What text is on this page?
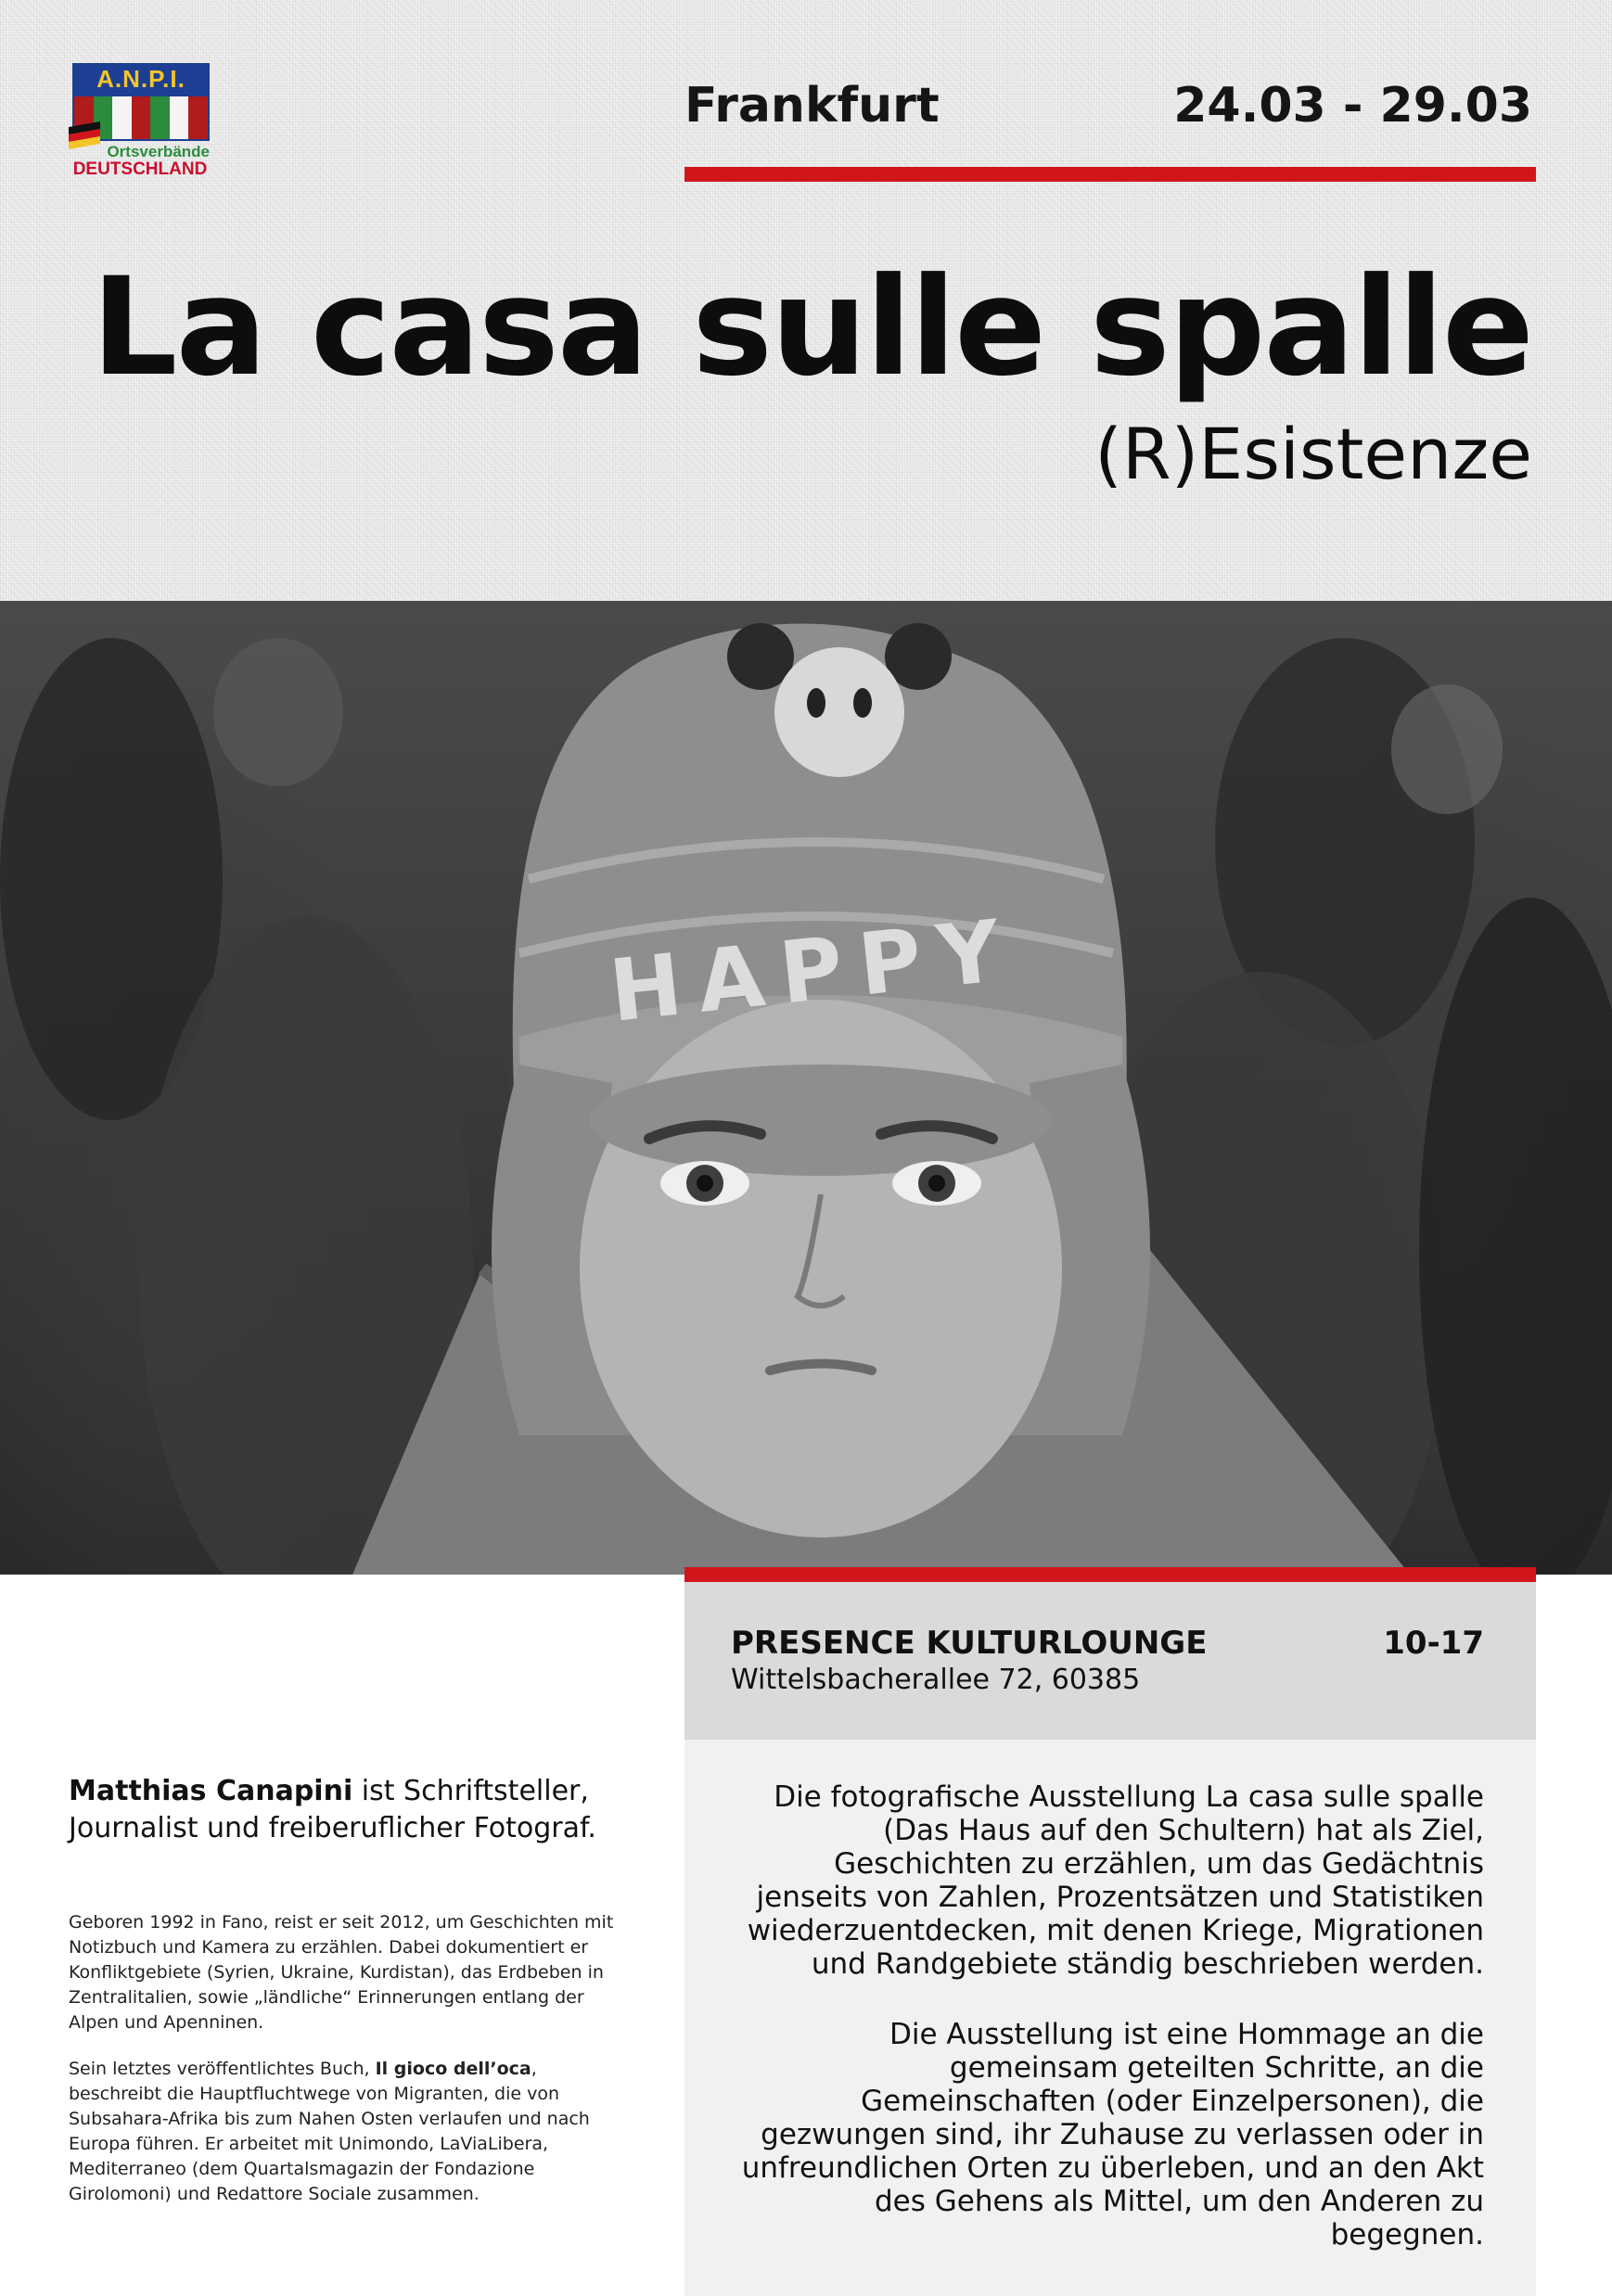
A.N.P.I.
Ortsverbände
DEUTSCHLAND
Frankfurt	24.03 - 29.03
La casa sulle spalle
(R)Esistenze
HAPPY
PRESENCE KULTURLOUNGE	10-17
Wittelsbacherallee 72, 60385

Die fotografische Ausstellung La casa sulle spalle (Das Haus auf den Schultern) hat als Ziel, Geschichten zu erzählen, um das Gedächtnis jenseits von Zahlen, Prozentsätzen und Statistiken wiederzuentdecken, mit denen Kriege, Migrationen und Randgebiete ständig beschrieben werden.

Die Ausstellung ist eine Hommage an die gemeinsam geteilten Schritte, an die Gemeinschaften (oder Einzelpersonen), die gezwungen sind, ihr Zuhause zu verlassen oder in unfreundlichen Orten zu überleben, und an den Akt des Gehens als Mittel, um den Anderen zu begegnen.

Matthias Canapini ist Schriftsteller, Journalist und freiberuflicher Fotograf.

Geboren 1992 in Fano, reist er seit 2012, um Geschichten mit Notizbuch und Kamera zu erzählen. Dabei dokumentiert er Konfliktgebiete (Syrien, Ukraine, Kurdistan), das Erdbeben in Zentralitalien, sowie „ländliche“ Erinnerungen entlang der Alpen und Apenninen.

Sein letztes veröffentlichtes Buch, Il gioco dell’oca, beschreibt die Hauptfluchtwege von Migranten, die von Subsahara-Afrika bis zum Nahen Osten verlaufen und nach Europa führen. Er arbeitet mit Unimondo, LaViaLibera, Mediterraneo (dem Quartalsmagazin der Fondazione Girolomoni) und Redattore Sociale zusammen.
